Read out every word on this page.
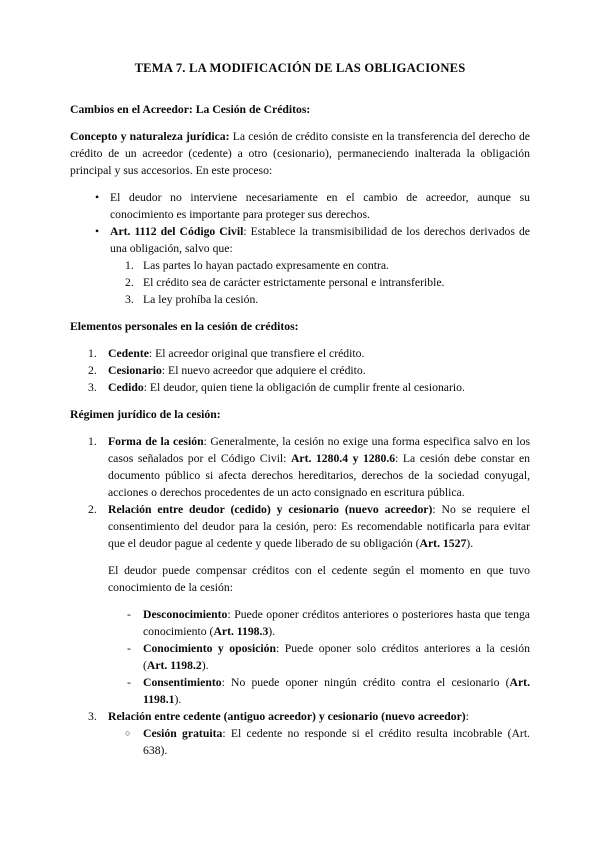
TEMA 7. LA MODIFICACIÓN DE LAS OBLIGACIONES
Cambios en el Acreedor: La Cesión de Créditos:
Concepto y naturaleza jurídica: La cesión de crédito consiste en la transferencia del derecho de crédito de un acreedor (cedente) a otro (cesionario), permaneciendo inalterada la obligación principal y sus accesorios. En este proceso:
• El deudor no interviene necesariamente en el cambio de acreedor, aunque su conocimiento es importante para proteger sus derechos.
• Art. 1112 del Código Civil: Establece la transmisibilidad de los derechos derivados de una obligación, salvo que:
1. Las partes lo hayan pactado expresamente en contra.
2. El crédito sea de carácter estrictamente personal e intransferible.
3. La ley prohíba la cesión.
Elementos personales en la cesión de créditos:
1. Cedente: El acreedor original que transfiere el crédito.
2. Cesionario: El nuevo acreedor que adquiere el crédito.
3. Cedido: El deudor, quien tiene la obligación de cumplir frente al cesionario.
Régimen jurídico de la cesión:
1. Forma de la cesión: Generalmente, la cesión no exige una forma especifica salvo en los casos señalados por el Código Civil: Art. 1280.4 y 1280.6: La cesión debe constar en documento público si afecta derechos hereditarios, derechos de la sociedad conyugal, acciones o derechos procedentes de un acto consignado en escritura pública.
2. Relación entre deudor (cedido) y cesionario (nuevo acreedor): No se requiere el consentimiento del deudor para la cesión, pero: Es recomendable notificarla para evitar que el deudor pague al cedente y quede liberado de su obligación (Art. 1527).
El deudor puede compensar créditos con el cedente según el momento en que tuvo conocimiento de la cesión:
- Desconocimiento: Puede oponer créditos anteriores o posteriores hasta que tenga conocimiento (Art. 1198.3).
- Conocimiento y oposición: Puede oponer solo créditos anteriores a la cesión (Art. 1198.2).
- Consentimiento: No puede oponer ningún crédito contra el cesionario (Art. 1198.1).
3. Relación entre cedente (antiguo acreedor) y cesionario (nuevo acreedor):
○ Cesión gratuita: El cedente no responde si el crédito resulta incobrable (Art. 638).
